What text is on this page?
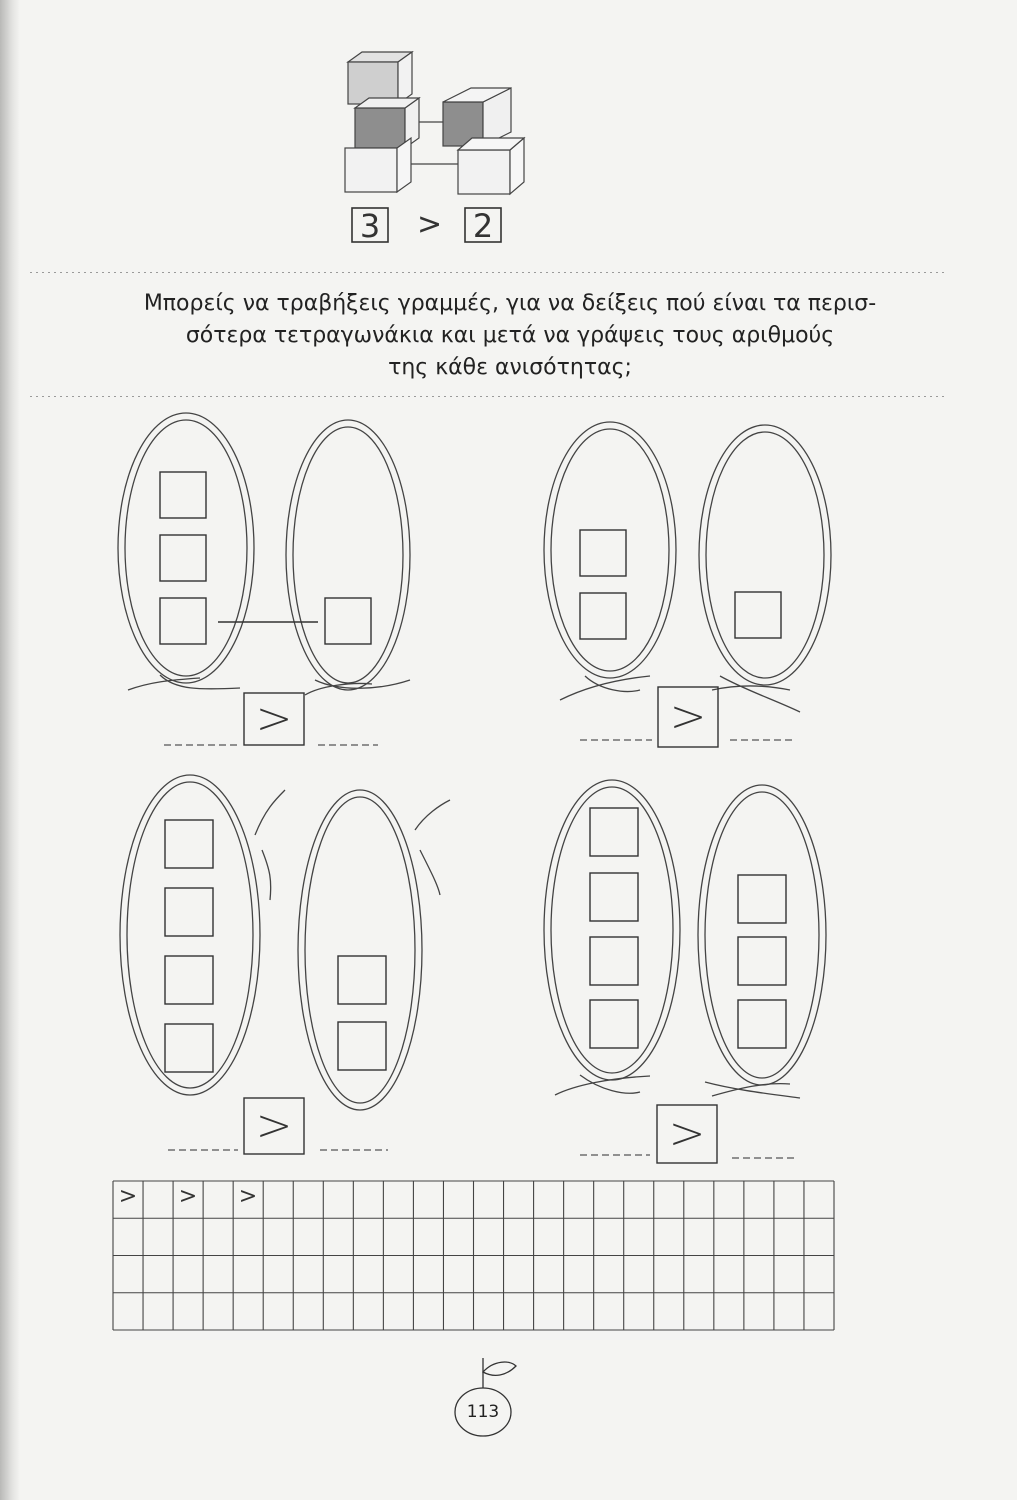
3 > 2
Μπορείς να τραβήξεις γραμμές, για να δείξεις πού είναι τα περισ-
σότερα τετραγωνάκια και μετά να γράψεις τους αριθμούς
της κάθε ανισότητας;
>	>
>	>
> > >
113
